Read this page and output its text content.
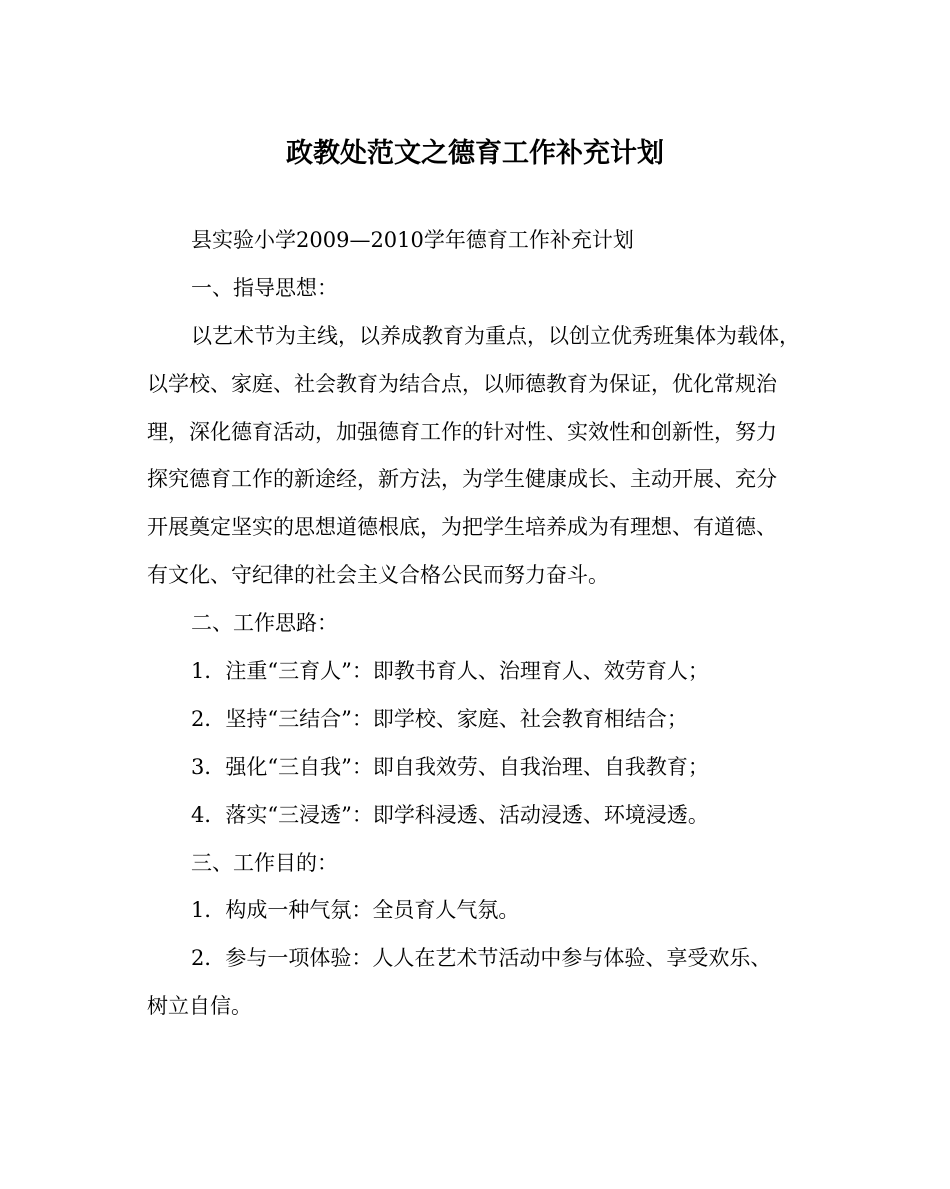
政教处范文之德育工作补充计划
县实验小学2009—2010学年德育工作补充计划
一、指导思想：
以艺术节为主线，以养成教育为重点，以创立优秀班集体为载体，
以学校、家庭、社会教育为结合点，以师德教育为保证，优化常规治
理，深化德育活动，加强德育工作的针对性、实效性和创新性，努力
探究德育工作的新途经，新方法，为学生健康成长、主动开展、充分
开展奠定坚实的思想道德根底，为把学生培养成为有理想、有道德、
有文化、守纪律的社会主义合格公民而努力奋斗。
二、工作思路：
1．注重“三育人”：即教书育人、治理育人、效劳育人；
2．坚持“三结合”：即学校、家庭、社会教育相结合；
3．强化“三自我”：即自我效劳、自我治理、自我教育；
4．落实“三浸透”：即学科浸透、活动浸透、环境浸透。
三、工作目的：
1．构成一种气氛：全员育人气氛。
2．参与一项体验：人人在艺术节活动中参与体验、享受欢乐、
树立自信。
